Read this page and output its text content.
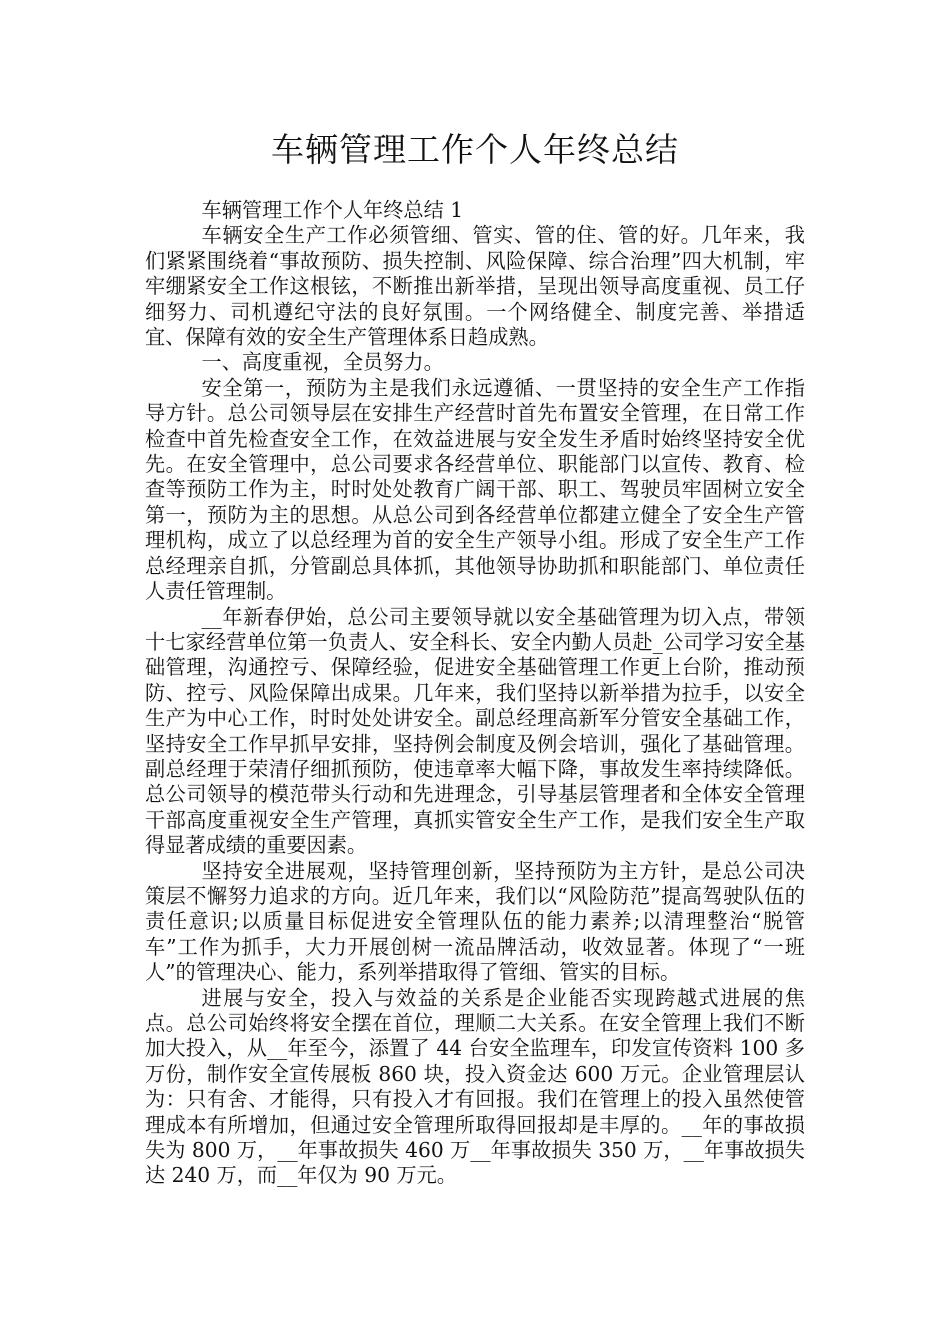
车辆管理工作个人年终总结

车辆管理工作个人年终总结 1

车辆安全生产工作必须管细、管实、管的住、管的好。几年来，我们紧紧围绕着“事故预防、损失控制、风险保障、综合治理”四大机制，牢牢绷紧安全工作这根铉，不断推出新举措，呈现出领导高度重视、员工仔细努力、司机遵纪守法的良好氛围。一个网络健全、制度完善、举措适宜、保障有效的安全生产管理体系日趋成熟。

一、高度重视，全员努力。

安全第一，预防为主是我们永远遵循、一贯坚持的安全生产工作指导方针。总公司领导层在安排生产经营时首先布置安全管理，在日常工作检查中首先检查安全工作，在效益进展与安全发生矛盾时始终坚持安全优先。在安全管理中，总公司要求各经营单位、职能部门以宣传、教育、检查等预防工作为主，时时处处教育广阔干部、职工、驾驶员牢固树立安全第一，预防为主的思想。从总公司到各经营单位都建立健全了安全生产管理机构，成立了以总经理为首的安全生产领导小组。形成了安全生产工作总经理亲自抓，分管副总具体抓，其他领导协助抓和职能部门、单位责任人责任管理制。

__年新春伊始，总公司主要领导就以安全基础管理为切入点，带领十七家经营单位第一负责人、安全科长、安全内勤人员赴_公司学习安全基础管理，沟通控亏、保障经验，促进安全基础管理工作更上台阶，推动预防、控亏、风险保障出成果。几年来，我们坚持以新举措为拉手，以安全生产为中心工作，时时处处讲安全。副总经理高新军分管安全基础工作，坚持安全工作早抓早安排，坚持例会制度及例会培训，强化了基础管理。副总经理于荣清仔细抓预防，使违章率大幅下降，事故发生率持续降低。总公司领导的模范带头行动和先进理念，引导基层管理者和全体安全管理干部高度重视安全生产管理，真抓实管安全生产工作，是我们安全生产取得显著成绩的重要因素。

坚持安全进展观，坚持管理创新，坚持预防为主方针，是总公司决策层不懈努力追求的方向。近几年来，我们以“风险防范”提高驾驶队伍的责任意识;以质量目标促进安全管理队伍的能力素养;以清理整治“脱管车”工作为抓手，大力开展创树一流品牌活动，收效显著。体现了“一班人”的管理决心、能力，系列举措取得了管细、管实的目标。

进展与安全，投入与效益的关系是企业能否实现跨越式进展的焦点。总公司始终将安全摆在首位，理顺二大关系。在安全管理上我们不断加大投入，从__年至今，添置了 44 台安全监理车，印发宣传资料 100 多万份，制作安全宣传展板 860 块，投入资金达 600 万元。企业管理层认为：只有舍、才能得，只有投入才有回报。我们在管理上的投入虽然使管理成本有所增加，但通过安全管理所取得回报却是丰厚的。__年的事故损失为 800 万，__年事故损失 460 万__年事故损失 350 万，__年事故损失达 240 万，而__年仅为 90 万元。
